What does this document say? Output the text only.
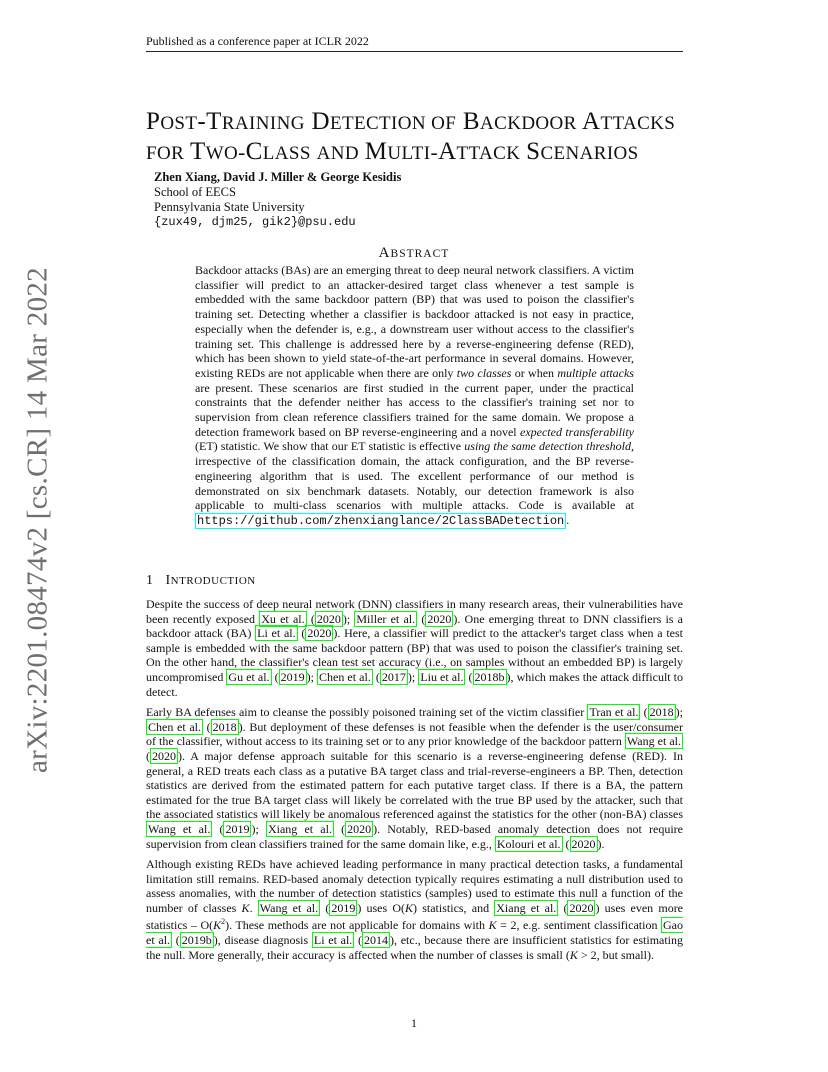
Published as a conference paper at ICLR 2022
arXiv:2201.08474v2 [cs.CR] 14 Mar 2022
POST-TRAINING DETECTION OF BACKDOOR ATTACKS
FOR TWO-CLASS AND MULTI-ATTACK SCENARIOS
Zhen Xiang, David J. Miller & George Kesidis
School of EECS
Pennsylvania State University
{zux49, djm25, gik2}@psu.edu
ABSTRACT
Backdoor attacks (BAs) are an emerging threat to deep neural network classifiers. A victim classifier will predict to an attacker-desired target class whenever a test sample is embedded with the same backdoor pattern (BP) that was used to poison the classifier's training set. Detecting whether a classifier is backdoor attacked is not easy in practice, especially when the defender is, e.g., a downstream user without access to the classifier's training set. This challenge is addressed here by a reverse-engineering defense (RED), which has been shown to yield state-of-the-art performance in several domains. However, existing REDs are not applicable when there are only two classes or when multiple attacks are present. These scenarios are first studied in the current paper, under the practical constraints that the defender neither has access to the classifier's training set nor to supervision from clean reference classifiers trained for the same domain. We propose a detection framework based on BP reverse-engineering and a novel expected transferability (ET) statistic. We show that our ET statistic is effective using the same detection threshold, irrespective of the classification domain, the attack configuration, and the BP reverse-engineering algorithm that is used. The excellent performance of our method is demonstrated on six benchmark datasets. Notably, our detection framework is also applicable to multi-class scenarios with multiple attacks. Code is available at https://github.com/zhenxianglance/2ClassBADetection .
1 INTRODUCTION

Despite the success of deep neural network (DNN) classifiers in many research areas, their vulnerabilities have been recently exposed Xu et al. ( 2020 ); Miller et al. ( 2020 ). One emerging threat to DNN classifiers is a backdoor attack (BA) Li et al. ( 2020 ). Here, a classifier will predict to the attacker's target class when a test sample is embedded with the same backdoor pattern (BP) that was used to poison the classifier's training set. On the other hand, the classifier's clean test set accuracy (i.e., on samples without an embedded BP) is largely uncompromised Gu et al. ( 2019 ); Chen et al. ( 2017 ); Liu et al. ( 2018b ), which makes the attack difficult to detect.

Early BA defenses aim to cleanse the possibly poisoned training set of the victim classifier Tran et al. ( 2018 ); Chen et al. ( 2018 ). But deployment of these defenses is not feasible when the defender is the user/consumer of the classifier, without access to its training set or to any prior knowledge of the backdoor pattern Wang et al. ( 2020 ). A major defense approach suitable for this scenario is a reverse-engineering defense (RED). In general, a RED treats each class as a putative BA target class and trial-reverse-engineers a BP. Then, detection statistics are derived from the estimated pattern for each putative target class. If there is a BA, the pattern estimated for the true BA target class will likely be correlated with the true BP used by the attacker, such that the associated statistics will likely be anomalous referenced against the statistics for the other (non-BA) classes Wang et al. ( 2019 ); Xiang et al. ( 2020 ). Notably, RED-based anomaly detection does not require supervision from clean classifiers trained for the same domain like, e.g., Kolouri et al. ( 2020 ).

Although existing REDs have achieved leading performance in many practical detection tasks, a fundamental limitation still remains. RED-based anomaly detection typically requires estimating a null distribution used to assess anomalies, with the number of detection statistics (samples) used to estimate this null a function of the number of classes K. Wang et al. ( 2019 ) uses O(K) statistics, and Xiang et al. ( 2020 ) uses even more statistics – $O(K^2)$. These methods are not applicable for domains with K = 2, e.g. sentiment classification Gao et al. ( 2019b ), disease diagnosis Li et al. ( 2014 ), etc., because there are insufficient statistics for estimating the null. More generally, their accuracy is affected when the number of classes is small (K > 2, but small).

1
